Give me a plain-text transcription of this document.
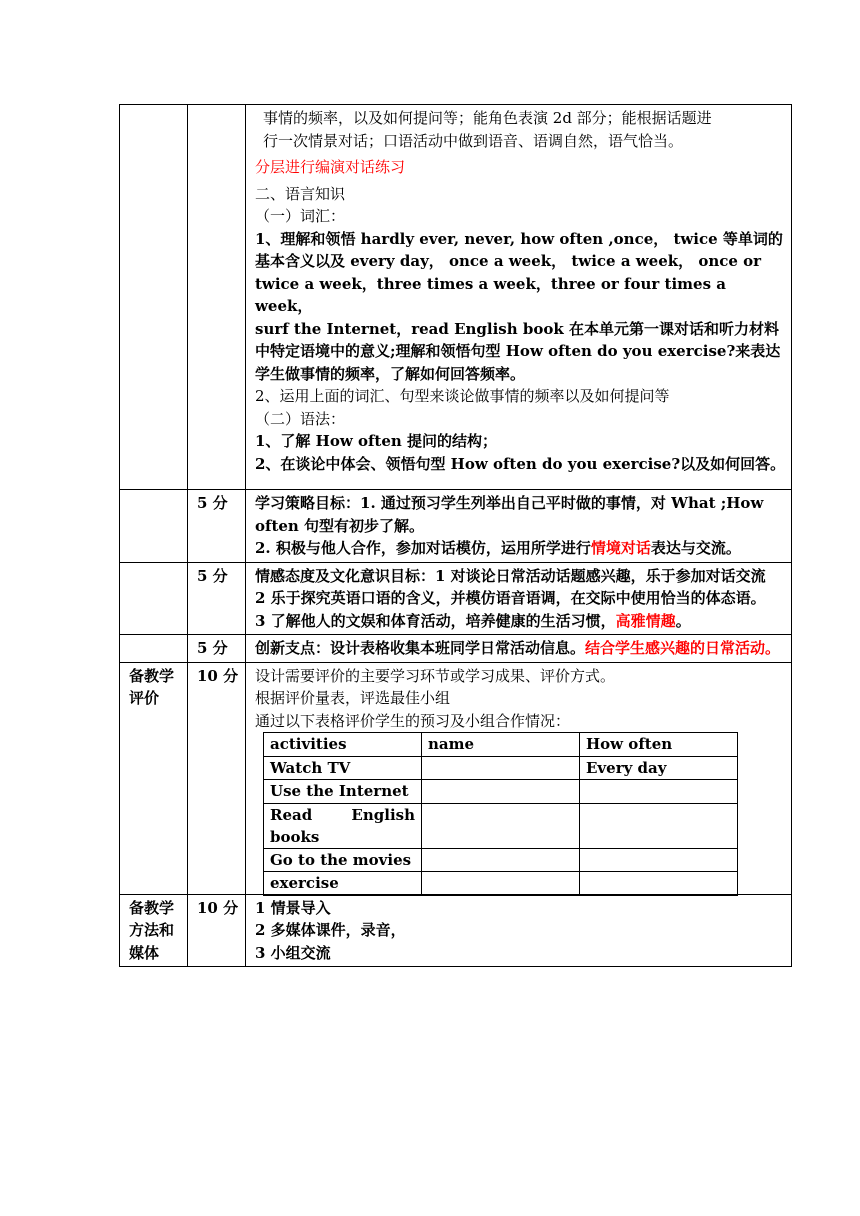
事情的频率，以及如何提问等；能角色表演 2d 部分；能根据话题进
行一次情景对话；口语活动中做到语音、语调自然，语气恰当。
分层进行编演对话练习
二、语言知识
（一）词汇：
1、理解和领悟 hardly ever, never, how often ,once， twice 等单词的基本含义以及 every day， once a week， twice a week， once or twice a week，three times a week，three or four times a week，
surf the Internet，read English book 在本单元第一课对话和听力材料中特定语境中的意义;理解和领悟句型 How often do you exercise?来表达学生做事情的频率，了解如何回答频率。
2、运用上面的词汇、句型来谈论做事情的频率以及如何提问等
（二）语法：
1、了解 How often 提问的结构；
2、在谈论中体会、领悟句型 How often do you exercise?以及如何回答。

	5 分	学习策略目标：1. 通过预习学生列举出自己平时做的事情，对 What ;How often 句型有初步了解。
2. 积极与他人合作，参加对话模仿，运用所学进行情境对话表达与交流。

	5 分	情感态度及文化意识目标：1 对谈论日常活动话题感兴趣，乐于参加对话交流
2 乐于探究英语口语的含义，并模仿语音语调，在交际中使用恰当的体态语。
3 了解他人的文娱和体育活动，培养健康的生活习惯，高雅情趣。

	5 分	创新支点：设计表格收集本班同学日常活动信息。结合学生感兴趣的日常活动。

备教学评价	10 分	设计需要评价的主要学习环节或学习成果、评价方式。
根据评价量表，评选最佳小组
通过以下表格评价学生的预习及小组合作情况：
activities	name	How often
Watch TV		Every day
Use the Internet		
Read English books		
Go to the movies		
exercise		

备教学方法和媒体	10 分	1 情景导入
2 多媒体课件，录音，
3 小组交流
